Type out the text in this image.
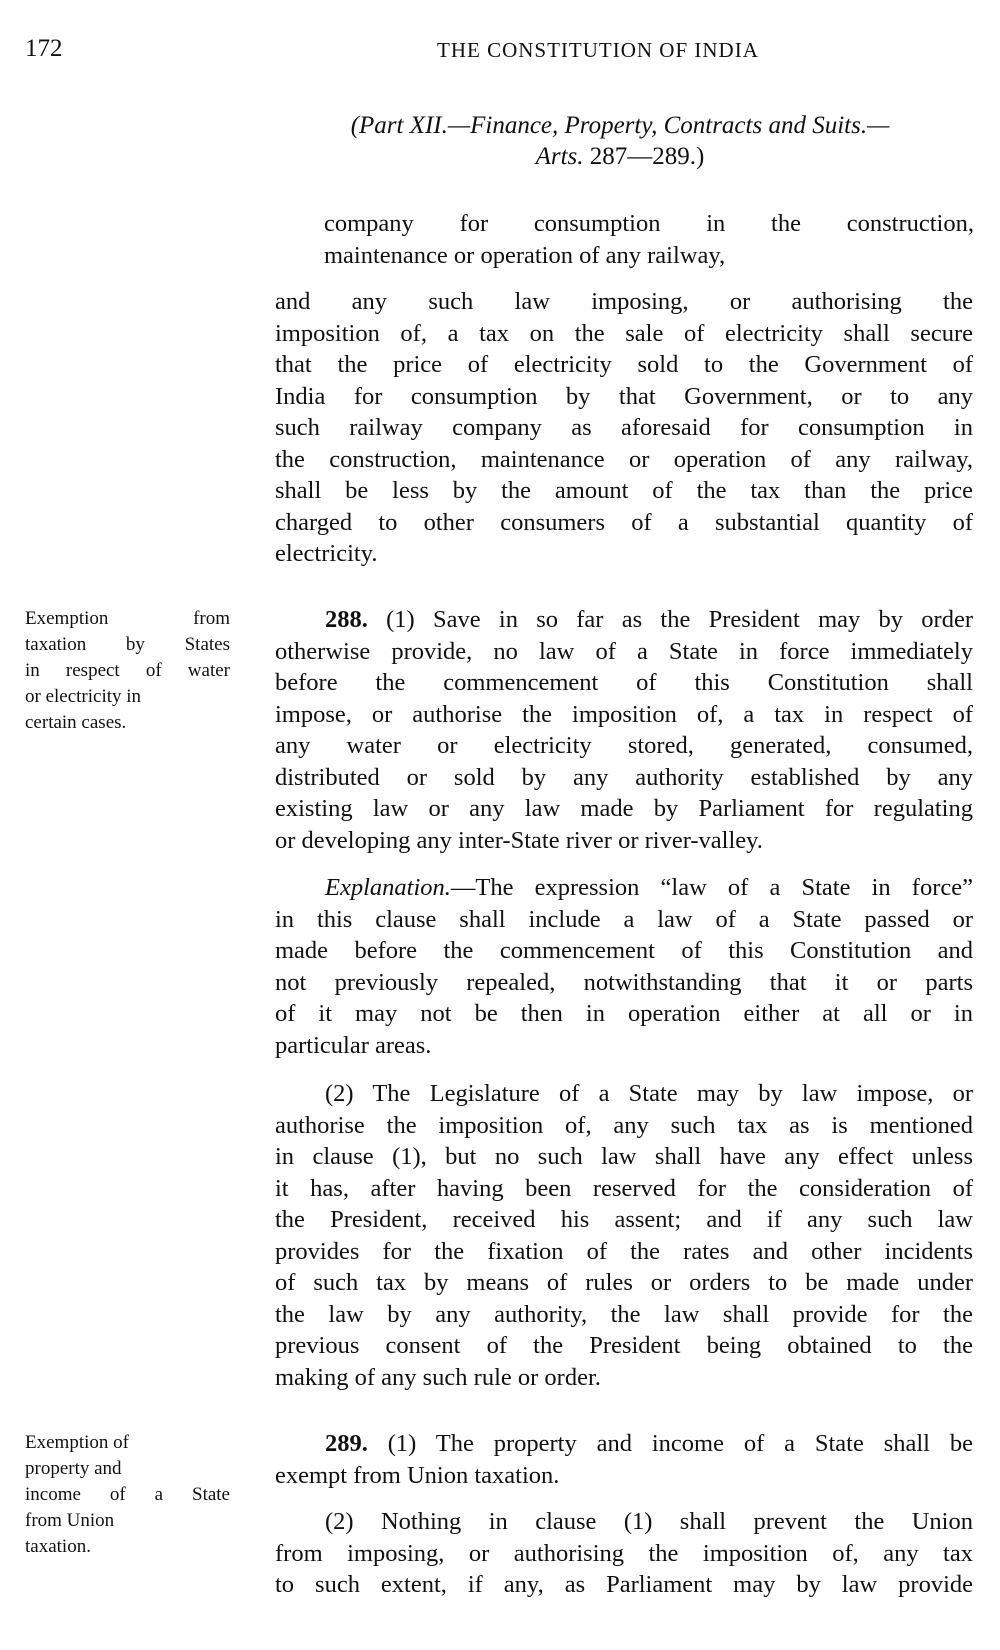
172	THE CONSTITUTION OF INDIA
(Part XII.—Finance, Property, Contracts and Suits.—
Arts. 287—289.)
company for consumption in the construction,
maintenance or operation of any railway,
and any such law imposing, or authorising the
imposition of, a tax on the sale of electricity shall secure
that the price of electricity sold to the Government of
India for consumption by that Government, or to any
such railway company as aforesaid for consumption in
the construction, maintenance or operation of any railway,
shall be less by the amount of the tax than the price
charged to other consumers of a substantial quantity of
electricity.
Exemption from
taxation by States
in respect of water
or electricity in
certain cases.
288. (1) Save in so far as the President may by order
otherwise provide, no law of a State in force immediately
before the commencement of this Constitution shall
impose, or authorise the imposition of, a tax in respect of
any water or electricity stored, generated, consumed,
distributed or sold by any authority established by any
existing law or any law made by Parliament for regulating
or developing any inter-State river or river-valley.
Explanation.—The expression “law of a State in force”
in this clause shall include a law of a State passed or
made before the commencement of this Constitution and
not previously repealed, notwithstanding that it or parts
of it may not be then in operation either at all or in
particular areas.
(2) The Legislature of a State may by law impose, or
authorise the imposition of, any such tax as is mentioned
in clause (1), but no such law shall have any effect unless
it has, after having been reserved for the consideration of
the President, received his assent; and if any such law
provides for the fixation of the rates and other incidents
of such tax by means of rules or orders to be made under
the law by any authority, the law shall provide for the
previous consent of the President being obtained to the
making of any such rule or order.
Exemption of
property and
income of a State
from Union
taxation.
289. (1) The property and income of a State shall be
exempt from Union taxation.
(2) Nothing in clause (1) shall prevent the Union
from imposing, or authorising the imposition of, any tax
to such extent, if any, as Parliament may by law provide
